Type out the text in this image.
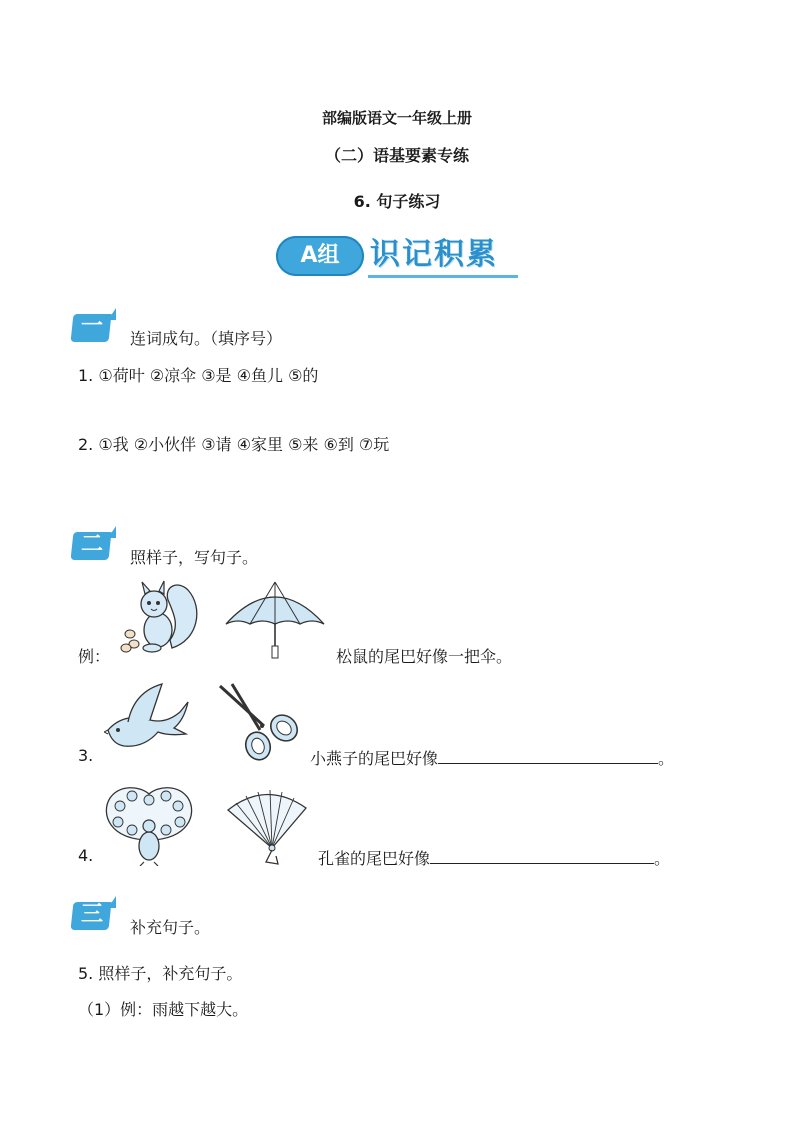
部编版语文一年级上册
（二）语基要素专练
6. 句子练习
A组	识记积累
一	连词成句。（填序号）
1. ①荷叶 ②凉伞 ③是 ④鱼儿 ⑤的
2. ①我 ②小伙伴 ③请 ④家里 ⑤来 ⑥到 ⑦玩
二
照样子，写句子。
例：	松鼠的尾巴好像一把伞。
3.	小燕子的尾巴好像	。
4.	孔雀的尾巴好像	。
三
补充句子。
5. 照样子，补充句子。
（1）例：雨越下越大。
